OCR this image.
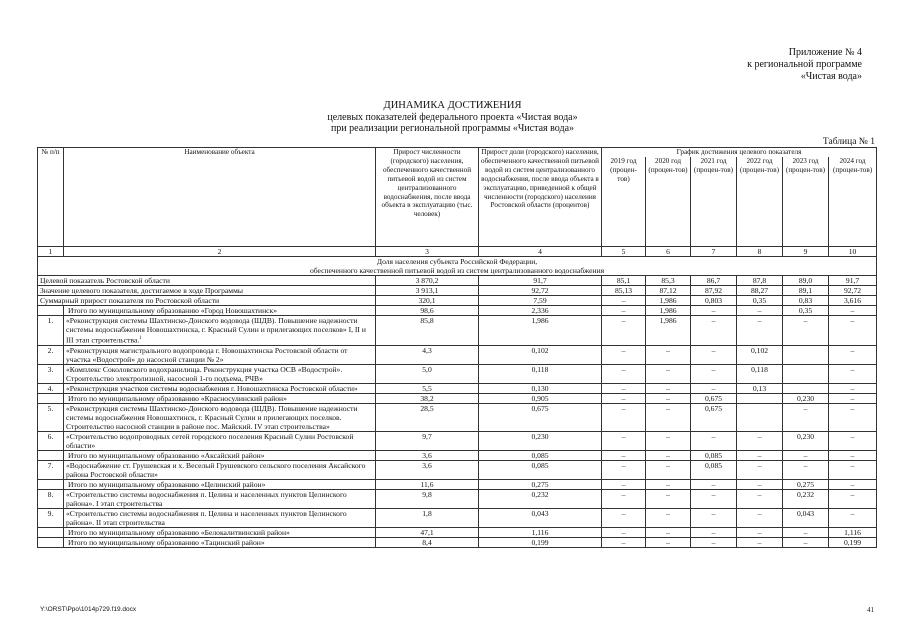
Приложение № 4
к региональной программе
«Чистая вода»
ДИНАМИКА ДОСТИЖЕНИЯ
целевых показателей федерального проекта «Чистая вода»
при реализации региональной программы «Чистая вода»
Таблица № 1
№ п/п	Наименование объекта	Прирост численности (городского) населения, обеспеченного качественной питьевой водой из систем централизованного водоснабжения, после ввода объекта в эксплуатацию (тыс. человек)	Прирост доли (городского) населения, обеспеченного качественной питьевой водой из систем централизованного водоснабжения, после ввода объекта в эксплуатацию, приведенной к общей численности (городского) населения Ростовской области (процентов)	График достижения целевого показателя					
				2019 год (процен-тов)	2020 год (процен-тов)	2021 год (процен-тов)	2022 год (процен-тов)	2023 год (процен-тов)	2024 год (процен-тов)
1	2	3	4	5	6	7	8	9	10

Доля населения субъекта Российской Федерации,
обеспеченного качественной питьевой водой из систем централизованного водоснабжения									

Целевой показатель Ростовской области		3 870,2	91,7	85,1	85,3	86,7	87,8	89,0	91,7
Значение целевого показателя, достигаемое в ходе Программы		3 913,1	92,72	85,13	87,12	87,92	88,27	89,1	92,72
Суммарный прирост показателя по Ростовской области		320,1	7,59	–	1,986	0,803	0,35	0,83	3,616
	Итого по муниципальному образованию «Город Новошахтинск»	98,6	2,336	–	1,986	–	–	0,35	–
1.	«Реконструкция системы Шахтинско-Донского водовода (ШДВ). Повышение надежности системы водоснабжения Новошахтинска, г. Красный Сулин и прилегающих поселков» I, II и III этап строительства.$^1$	85,8	1,986	–	1,986	–	–	–	–
2.	«Реконструкция магистрального водопровода г. Новошахтинска Ростовской области от участка «Водострой» до насосной станции № 2»	4,3	0,102	–	–	–	0,102		–
3.	«Комплекс Соколовского водохранилища. Реконструкция участка ОСВ «Водострой». Строительство электролизной, насосной 1-го подъема, РЧВ»	5,0	0,118	–	–	–	0,118		–
4.	«Реконструкция участков системы водоснабжения г. Новошахтинска Ростовской области»	5,5	0,130	–	–	–	0,13		–
	Итого по муниципальному образованию «Красносулинский район»	38,2	0,905	–	–	0,675		0,230	–
5.	«Реконструкция системы Шахтинско-Донского водовода (ШДВ). Повышение надежности системы водоснабжения Новошахтинск, г. Красный Сулин и прилегающих поселков. Строительство насосной станции в районе пос. Майский. IV этап строительства»	28,5	0,675	–	–	0,675		–	–
6.	«Строительство водопроводных сетей городского поселения Красный Сулин Ростовской области»	9,7	0,230	–	–	–	–	0,230	–
	Итого по муниципальному образованию «Аксайский район»	3,6	0,085	–	–	0,085	–	–	–
7.	«Водоснабжение ст. Грушевская и х. Веселый Грушевского сельского поселения Аксайского района Ростовской области»	3,6	0,085	–	–	0,085	–	–	–
	Итого по муниципальному образованию «Целинский район»	11,6	0,275	–	–	–	–	0,275	–
8.	«Строительство системы водоснабжения п. Целина и населенных пунктов Целинского района». I этап строительства	9,8	0,232	–	–	–	–	0,232	–
9.	«Строительство системы водоснабжения п. Целина и населенных пунктов Целинского района». II этап строительства	1,8	0,043	–	–	–	–	0,043	–
	Итого по муниципальному образованию «Белокалитвинский район»	47,1	1,116	–	–	–	–	–	1,116
	Итого по муниципальному образованию «Тацинский район»	8,4	0,199	–	–	–	–	–	0,199
Y:\ORST\Ppo\1014p729.f19.docx	41
